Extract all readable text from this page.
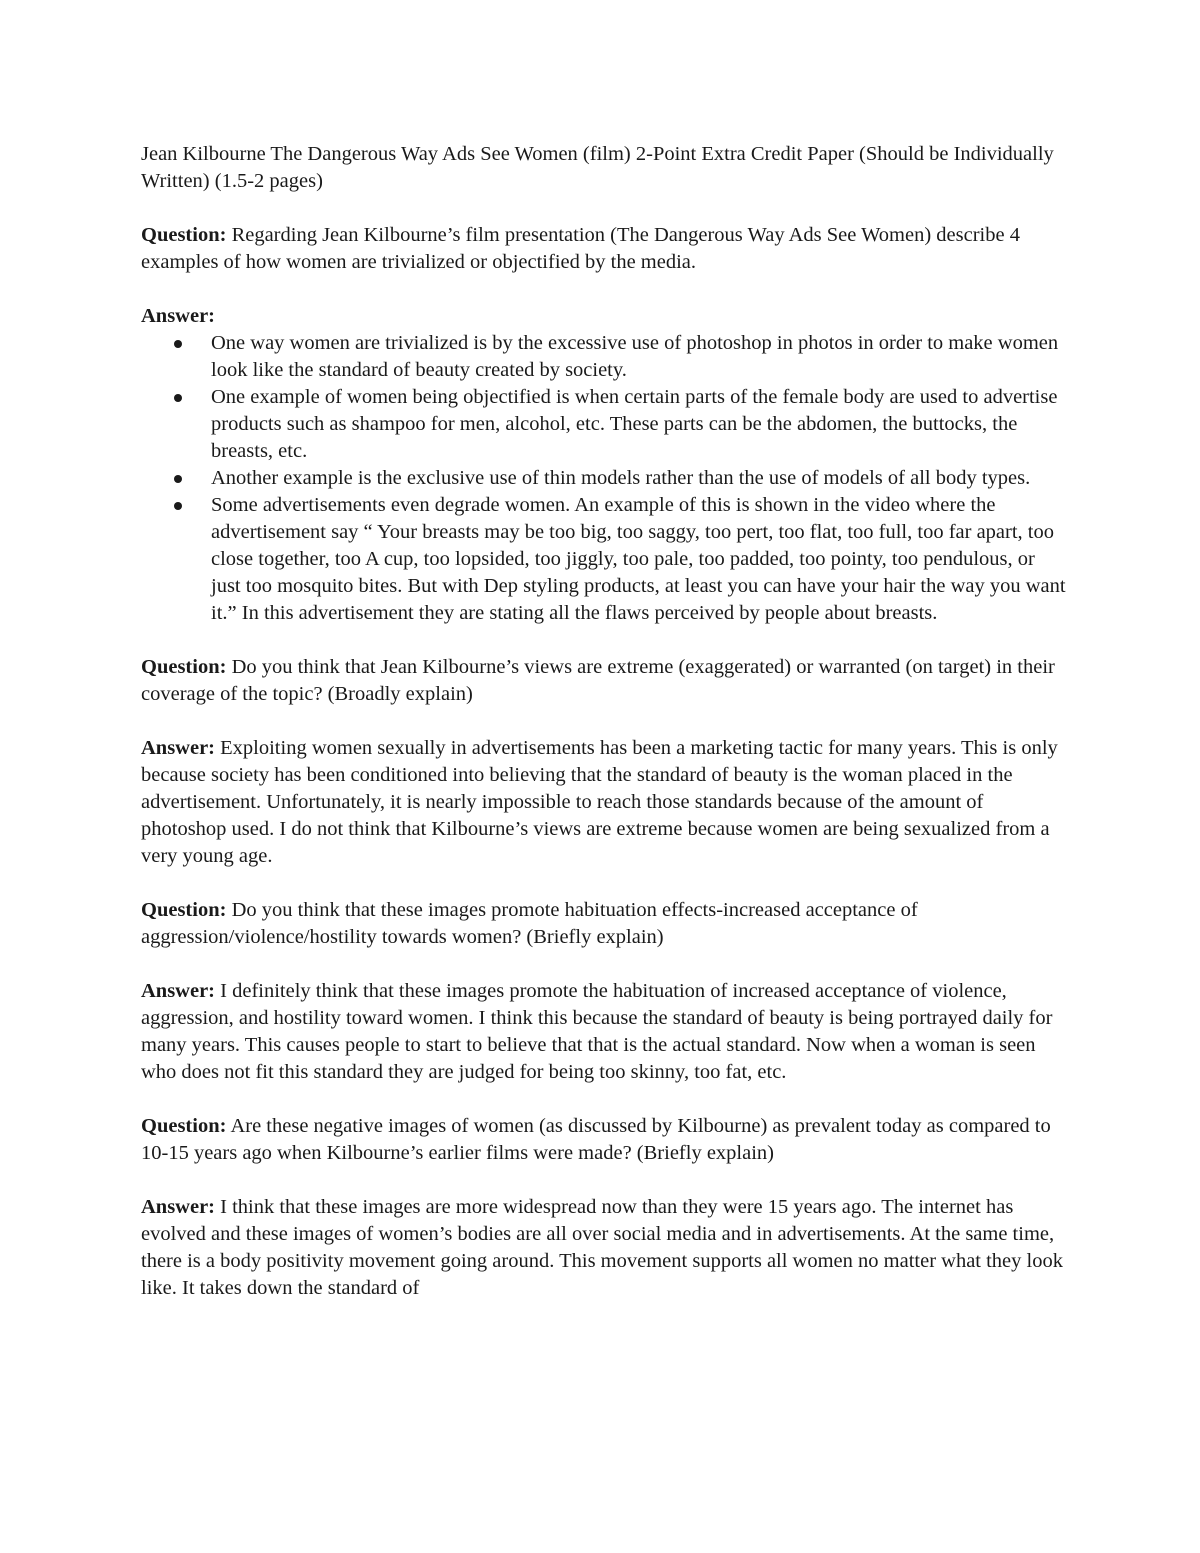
Jean Kilbourne The Dangerous Way Ads See Women (film) 2-Point Extra Credit Paper (Should be Individually Written) (1.5-2 pages)

Question: Regarding Jean Kilbourne’s film presentation (The Dangerous Way Ads See Women) describe 4 examples of how women are trivialized or objectified by the media.

Answer:

One way women are trivialized is by the excessive use of photoshop in photos in order to make women look like the standard of beauty created by society.
One example of women being objectified is when certain parts of the female body are used to advertise products such as shampoo for men, alcohol, etc. These parts can be the abdomen, the buttocks, the breasts, etc.
Another example is the exclusive use of thin models rather than the use of models of all body types.
Some advertisements even degrade women. An example of this is shown in the video where the advertisement say “ Your breasts may be too big, too saggy, too pert, too flat, too full, too far apart, too close together, too A cup, too lopsided, too jiggly, too pale, too padded, too pointy, too pendulous, or just too mosquito bites. But with Dep styling products, at least you can have your hair the way you want it.” In this advertisement they are stating all the flaws perceived by people about breasts.

Question: Do you think that Jean Kilbourne’s views are extreme (exaggerated) or warranted (on target) in their coverage of the topic? (Broadly explain)

Answer: Exploiting women sexually in advertisements has been a marketing tactic for many years. This is only because society has been conditioned into believing that the standard of beauty is the woman placed in the advertisement. Unfortunately, it is nearly impossible to reach those standards because of the amount of photoshop used. I do not think that Kilbourne’s views are extreme because women are being sexualized from a very young age.

Question: Do you think that these images promote habituation effects-increased acceptance of aggression/violence/hostility towards women? (Briefly explain)

Answer: I definitely think that these images promote the habituation of increased acceptance of violence, aggression, and hostility toward women. I think this because the standard of beauty is being portrayed daily for many years. This causes people to start to believe that that is the actual standard. Now when a woman is seen who does not fit this standard they are judged for being too skinny, too fat, etc.

Question: Are these negative images of women (as discussed by Kilbourne) as prevalent today as compared to 10-15 years ago when Kilbourne’s earlier films were made? (Briefly explain)

Answer: I think that these images are more widespread now than they were 15 years ago. The internet has evolved and these images of women’s bodies are all over social media and in advertisements. At the same time, there is a body positivity movement going around. This movement supports all women no matter what they look like. It takes down the standard of
